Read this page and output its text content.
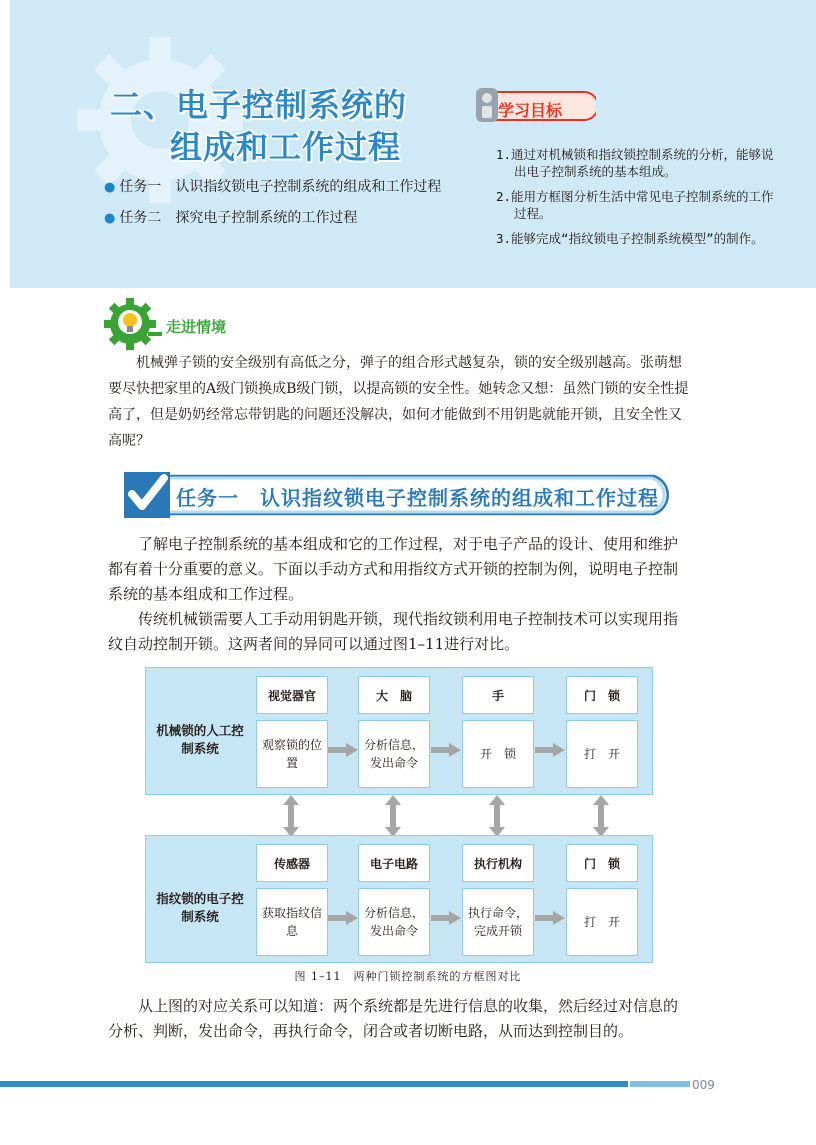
二、电子控制系统的
组成和工作过程
● 任务一　认识指纹锁电子控制系统的组成和工作过程
● 任务二　探究电子控制系统的工作过程
学习目标
1.通过对机械锁和指纹锁控制系统的分析，能够说出电子控制系统的基本组成。
2.能用方框图分析生活中常见电子控制系统的工作过程。
3.能够完成“指纹锁电子控制系统模型”的制作。
走进情境

机械弹子锁的安全级别有高低之分，弹子的组合形式越复杂，锁的安全级别越高。张萌想要尽快把家里的A级门锁换成B级门锁，以提高锁的安全性。她转念又想：虽然门锁的安全性提高了，但是奶奶经常忘带钥匙的问题还没解决，如何才能做到不用钥匙就能开锁，且安全性又高呢？

任务一　认识指纹锁电子控制系统的组成和工作过程

了解电子控制系统的基本组成和它的工作过程，对于电子产品的设计、使用和维护都有着十分重要的意义。下面以手动方式和用指纹方式开锁的控制为例，说明电子控制系统的基本组成和工作过程。

传统机械锁需要人工手动用钥匙开锁，现代指纹锁利用电子控制技术可以实现用指纹自动控制开锁。这两者间的异同可以通过图1–11进行对比。

机械锁的人工控制系统
视觉器官
观察锁的位置
大　脑
分析信息，发出命令
手
开　锁
门　锁
打　开
指纹锁的电子控制系统
传感器
获取指纹信息
电子电路
分析信息，发出命令
执行机构
执行命令，完成开锁
门　锁
打　开
图 1–11　两种门锁控制系统的方框图对比

从上图的对应关系可以知道：两个系统都是先进行信息的收集，然后经过对信息的分析、判断，发出命令，再执行命令，闭合或者切断电路，从而达到控制目的。

009
